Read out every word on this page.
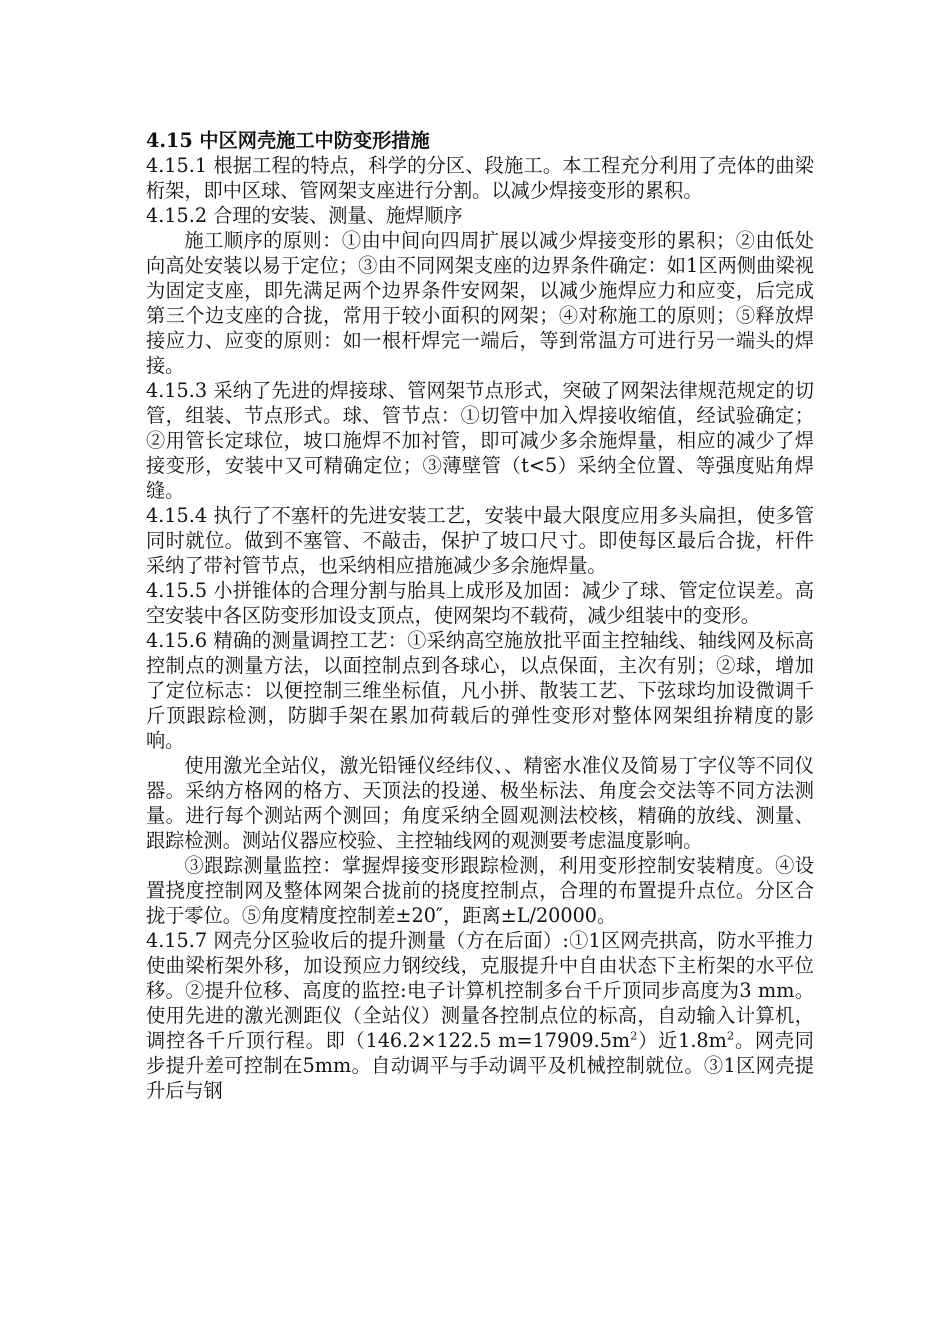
4.15 中区网壳施工中防变形措施

4.15.1 根据工程的特点，科学的分区、段施工。本工程充分利用了壳体的曲梁桁架，即中区球、管网架支座进行分割。以减少焊接变形的累积。

4.15.2 合理的安装、测量、施焊顺序

施工顺序的原则：①由中间向四周扩展以减少焊接变形的累积；②由低处向高处安装以易于定位；③由不同网架支座的边界条件确定：如1区两侧曲梁视为固定支座，即先满足两个边界条件安网架，以减少施焊应力和应变，后完成第三个边支座的合拢，常用于较小面积的网架；④对称施工的原则；⑤释放焊接应力、应变的原则：如一根杆焊完一端后，等到常温方可进行另一端头的焊接。

4.15.3 采纳了先进的焊接球、管网架节点形式，突破了网架法律规范规定的切管，组装、节点形式。球、管节点：①切管中加入焊接收缩值，经试验确定；②用管长定球位，坡口施焊不加衬管，即可减少多余施焊量，相应的减少了焊接变形，安装中又可精确定位；③薄壁管（t<5）采纳全位置、等强度贴角焊缝。

4.15.4 执行了不塞杆的先进安装工艺，安装中最大限度应用多头扁担，使多管同时就位。做到不塞管、不敲击，保护了坡口尺寸。即使每区最后合拢，杆件采纳了带衬管节点，也采纳相应措施减少多余施焊量。

4.15.5 小拼锥体的合理分割与胎具上成形及加固：减少了球、管定位误差。高空安装中各区防变形加设支顶点，使网架均不载荷，减少组装中的变形。

4.15.6 精确的测量调控工艺：①采纳高空施放批平面主控轴线、轴线网及标高控制点的测量方法，以面控制点到各球心，以点保面，主次有别；②球，增加了定位标志：以便控制三维坐标值，凡小拼、散装工艺、下弦球均加设微调千斤顶跟踪检测，防脚手架在累加荷载后的弹性变形对整体网架组拚精度的影响。

使用激光全站仪，激光铅锤仪经纬仪、、精密水准仪及简易丁字仪等不同仪器。采纳方格网的格方、天顶法的投递、极坐标法、角度会交法等不同方法测量。进行每个测站两个测回；角度采纳全圆观测法校核，精确的放线、测量、跟踪检测。测站仪器应校验、主控轴线网的观测要考虑温度影响。

③跟踪测量监控：掌握焊接变形跟踪检测，利用变形控制安装精度。④设置挠度控制网及整体网架合拢前的挠度控制点，合理的布置提升点位。分区合拢于零位。⑤角度精度控制差±20″，距离±L/20000。

4.15.7 网壳分区验收后的提升测量（方在后面）:①1区网壳拱高，防水平推力使曲梁桁架外移，加设预应力钢绞线，克服提升中自由状态下主桁架的水平位移。②提升位移、高度的监控:电子计算机控制多台千斤顶同步高度为3 mm。使用先进的激光测距仪（全站仪）测量各控制点位的标高，自动输入计算机，调控各千斤顶行程。即（146.2×122.5 $m=17909.5m^2$）近$1.8m^2$。网壳同步提升差可控制在5mm。自动调平与手动调平及机械控制就位。③1区网壳提升后与钢
